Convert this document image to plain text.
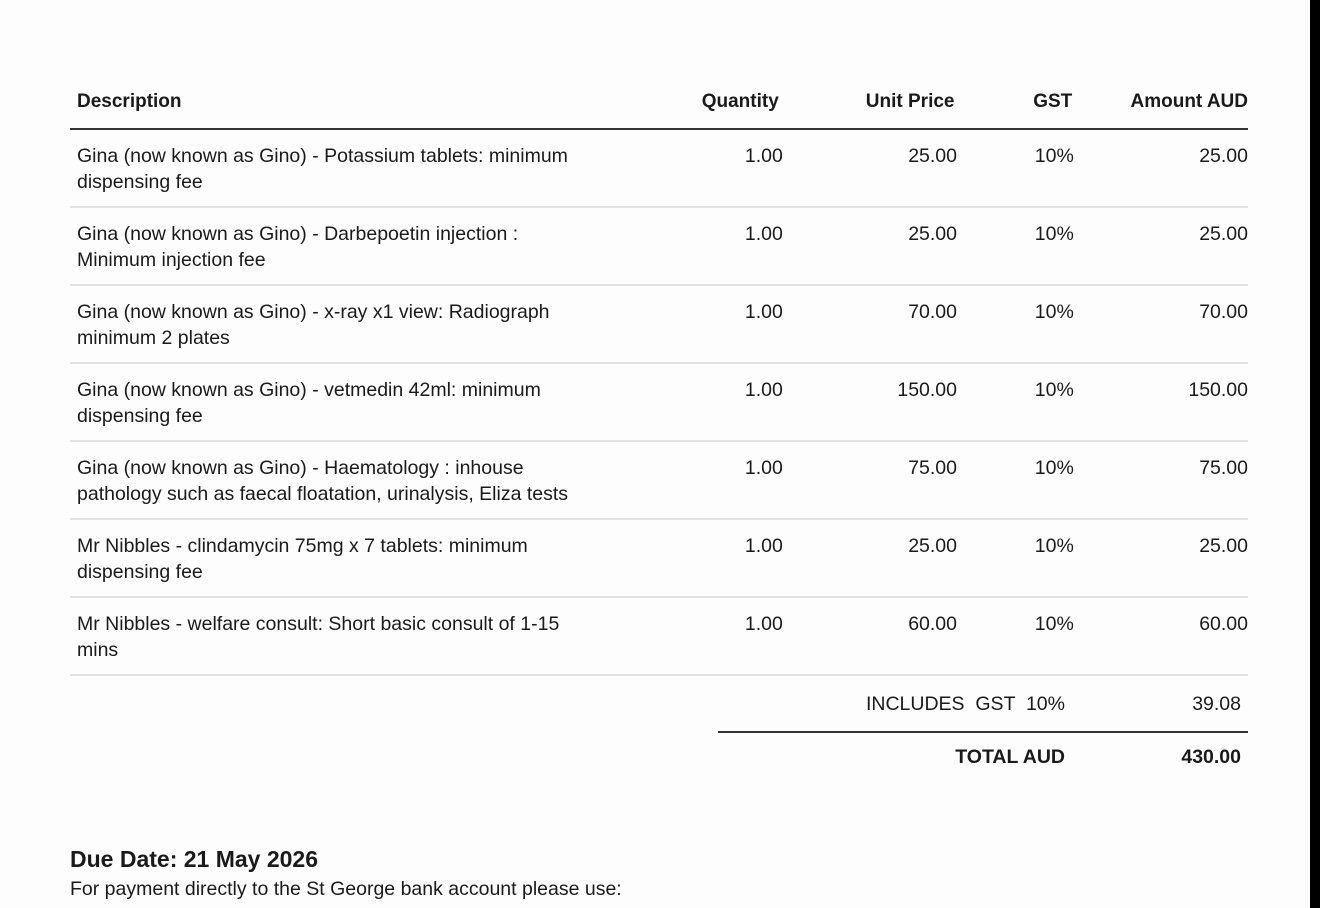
Description	Quantity	Unit Price	GST	Amount AUD
Gina (now known as Gino) - Potassium tablets: minimum dispensing fee
1.00	25.00	10%	25.00
Gina (now known as Gino) - Darbepoetin injection : Minimum injection fee
1.00	25.00	10%	25.00
Gina (now known as Gino) - x-ray x1 view: Radiograph minimum 2 plates
1.00	70.00	10%	70.00
Gina (now known as Gino) - vetmedin 42ml: minimum dispensing fee
1.00	150.00	10%	150.00
Gina (now known as Gino) - Haematology : inhouse pathology such as faecal floatation, urinalysis, Eliza tests
1.00	75.00	10%	75.00
Mr Nibbles - clindamycin 75mg x 7 tablets: minimum dispensing fee
1.00	25.00	10%	25.00
Mr Nibbles - welfare consult: Short basic consult of 1-15 mins
1.00	60.00	10%	60.00
INCLUDES  GST  10%	39.08
TOTAL AUD	430.00
Due Date: 21 May 2026
For payment directly to the St George bank account please use:
